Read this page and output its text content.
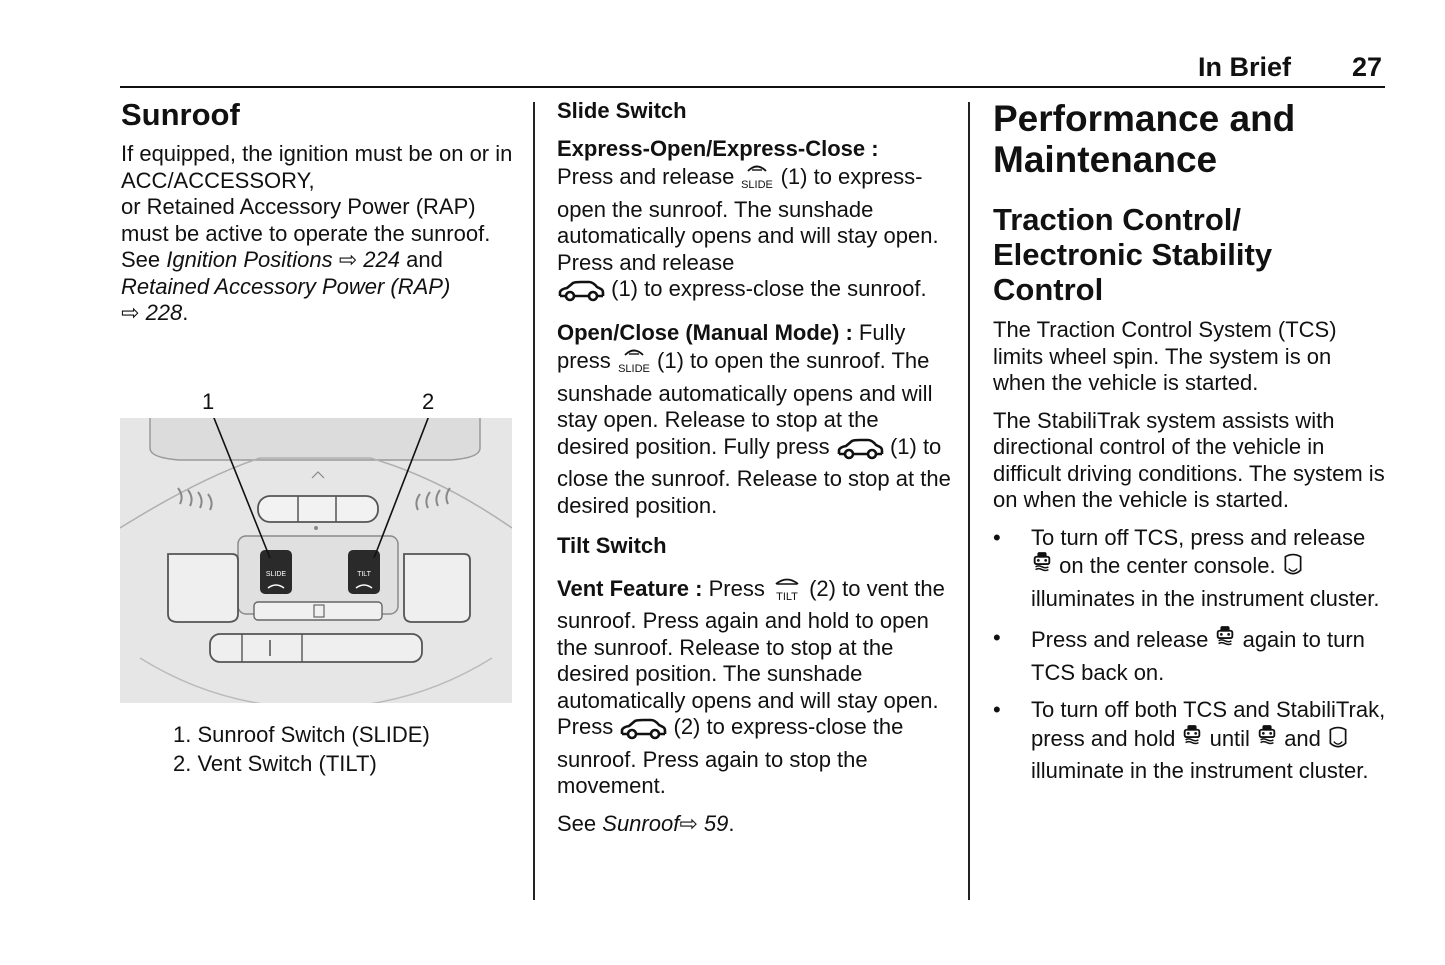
In Brief 27
Sunroof

If equipped, the ignition must be on or in ACC/ACCESSORY,
or Retained Accessory Power (RAP) must be active to operate the sunroof.
See Ignition Positions ⇨ 224 and
Retained Accessory Power (RAP)
⇨ 228.

1	2
SLIDE	TILT
1. Sunroof Switch (SLIDE)
2. Vent Switch (TILT)

Slide Switch

Express-Open/Express-Close :
Press and release SLIDE (1) to express-open the sunroof. The sunshade automatically opens and will stay open. Press and release
(1) to express-close the sunroof.

Open/Close (Manual Mode) : Fully press SLIDE (1) to open the sunroof. The sunshade automatically opens and will stay open. Release to stop at the desired position. Fully press	(1) to close the sunroof. Release to stop at the desired position.

Tilt Switch

Vent Feature : Press TILT (2) to vent the sunroof. Press again and hold to open the sunroof. Release to stop at the desired position. The sunshade automatically opens and will stay open. Press	(2) to express-close the sunroof. Press again to stop the movement.

See Sunroof⇨ 59.

Performance and Maintenance
Traction Control/ Electronic Stability Control

The Traction Control System (TCS) limits wheel spin. The system is on when the vehicle is started.

The StabiliTrak system assists with directional control of the vehicle in difficult driving conditions. The system is on when the vehicle is started.

• To turn off TCS, press and release  on the center console.  illuminates in the instrument cluster.
• Press and release again to turn TCS back on.
• To turn off both TCS and StabiliTrak, press and hold until and  illuminate in the instrument cluster.
